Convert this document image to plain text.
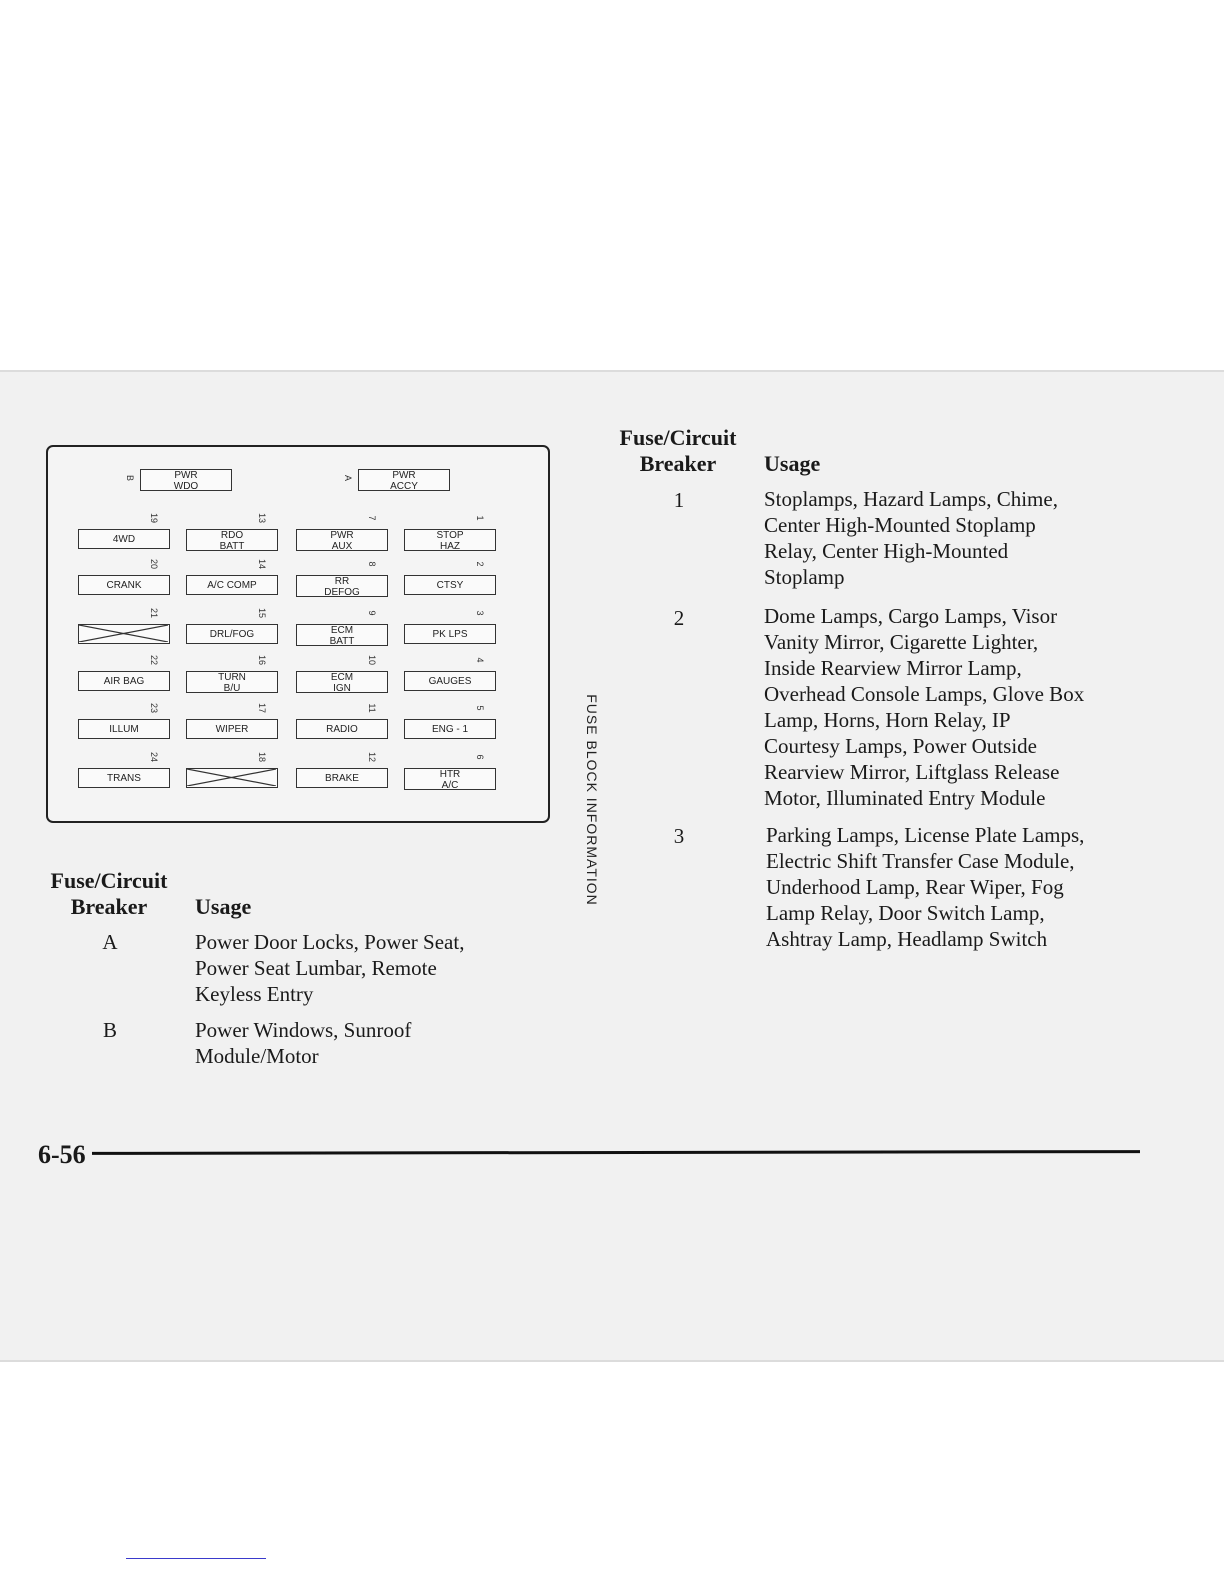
FUSE BLOCK INFORMATION
4WD
19
CRANK
20
21
AIR BAG
22
ILLUM
23
TRANS
24
RDO
BATT
13
A/C COMP
14
DRL/FOG
15
TURN
B/U
16
WIPER
17
18
PWR
AUX
7
RR
DEFOG
8
ECM
BATT
9
ECM
IGN
10
RADIO
11
BRAKE
12
STOP
HAZ
1
CTSY
2
PK LPS
3
GAUGES
4
ENG - 1
5
HTR
A/C
6
PWR
WDO
B	PWR
ACCY
A
Fuse/Circuit
Breaker	Usage
A	Power Door Locks, Power Seat,
Power Seat Lumbar, Remote
Keyless Entry
B	Power Windows, Sunroof
Module/Motor
Fuse/Circuit
Breaker	Usage
1	Stoplamps, Hazard Lamps, Chime,
Center High-Mounted Stoplamp
Relay, Center High-Mounted
Stoplamp
2	Dome Lamps, Cargo Lamps, Visor
Vanity Mirror, Cigarette Lighter,
Inside Rearview Mirror Lamp,
Overhead Console Lamps, Glove Box
Lamp, Horns, Horn Relay, IP
Courtesy Lamps, Power Outside
Rearview Mirror, Liftglass Release
Motor, Illuminated Entry Module
3	Parking Lamps, License Plate Lamps,
Electric Shift Transfer Case Module,
Underhood Lamp, Rear Wiper, Fog
Lamp Relay, Door Switch Lamp,
Ashtray Lamp, Headlamp Switch
6-56
